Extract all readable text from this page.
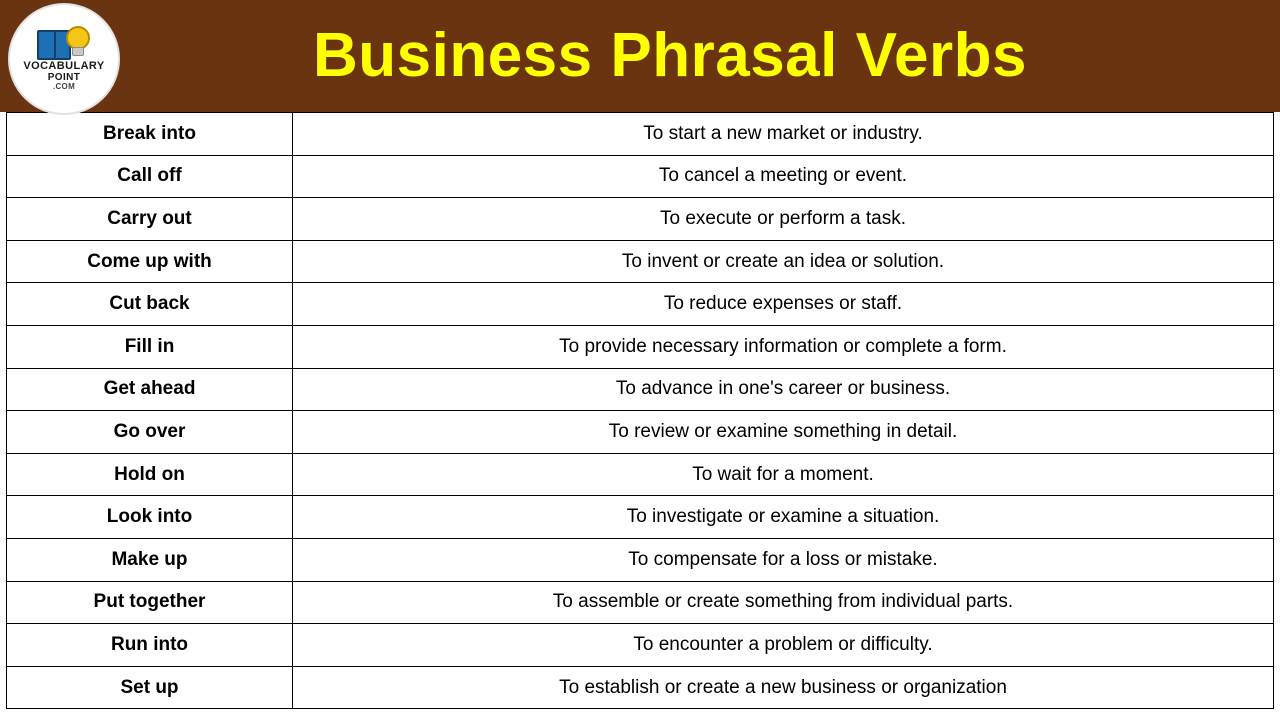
VOCABULARY
POINT
.COM	Business Phrasal Verbs
Break into	To start a new market or industry.
Call off	To cancel a meeting or event.
Carry out	To execute or perform a task.
Come up with	To invent or create an idea or solution.
Cut back	To reduce expenses or staff.
Fill in	To provide necessary information or complete a form.
Get ahead	To advance in one's career or business.
Go over	To review or examine something in detail.
Hold on	To wait for a moment.
Look into	To investigate or examine a situation.
Make up	To compensate for a loss or mistake.
Put together	To assemble or create something from individual parts.
Run into	To encounter a problem or difficulty.
Set up	To establish or create a new business or organization
